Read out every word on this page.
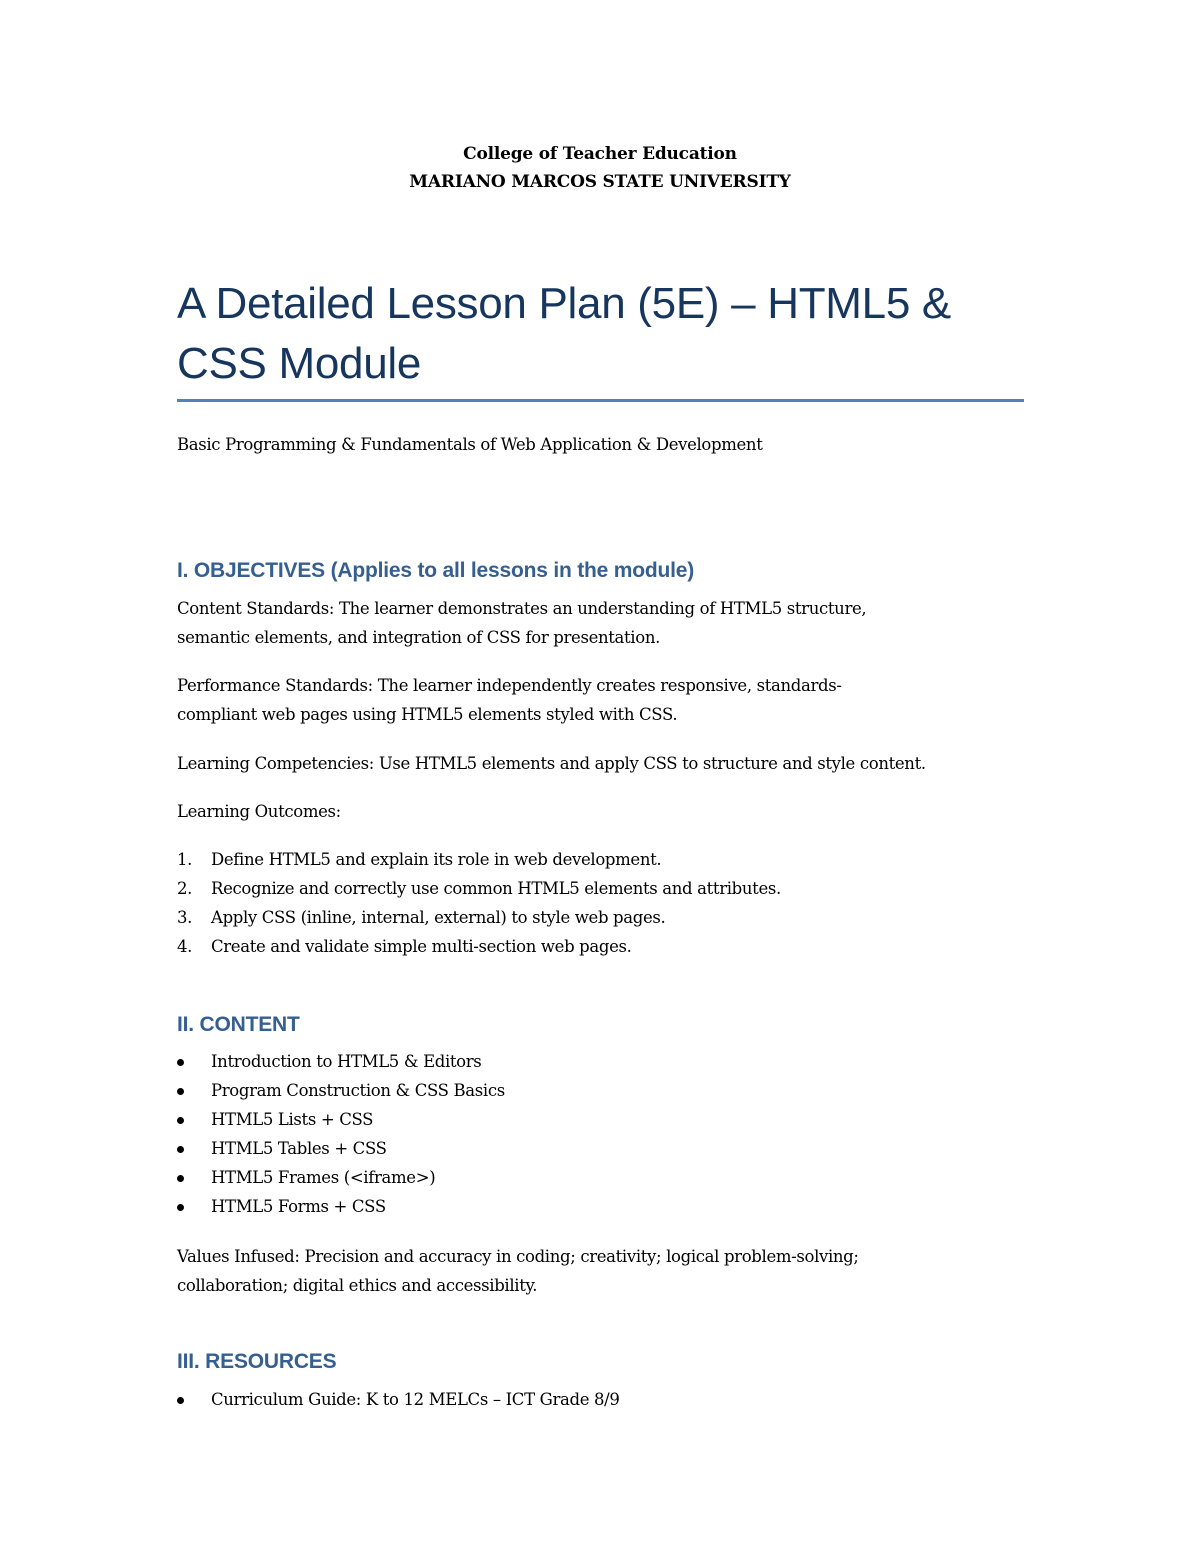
College of Teacher Education
MARIANO MARCOS STATE UNIVERSITY
A Detailed Lesson Plan (5E) – HTML5 &
CSS Module
Basic Programming & Fundamentals of Web Application & Development
I. OBJECTIVES (Applies to all lessons in the module)

Content Standards: The learner demonstrates an understanding of HTML5 structure,

semantic elements, and integration of CSS for presentation.

Performance Standards: The learner independently creates responsive, standards-

compliant web pages using HTML5 elements styled with CSS.

Learning Competencies: Use HTML5 elements and apply CSS to structure and style content.
Learning Outcomes:
1. Define HTML5 and explain its role in web development.
2. Recognize and correctly use common HTML5 elements and attributes.
3. Apply CSS (inline, internal, external) to style web pages.
4. Create and validate simple multi-section web pages.
II. CONTENT
Introduction to HTML5 & Editors
Program Construction & CSS Basics
HTML5 Lists + CSS
HTML5 Tables + CSS
HTML5 Frames (<iframe>)
HTML5 Forms + CSS

Values Infused: Precision and accuracy in coding; creativity; logical problem-solving;

collaboration; digital ethics and accessibility.

III. RESOURCES
Curriculum Guide: K to 12 MELCs – ICT Grade 8/9
